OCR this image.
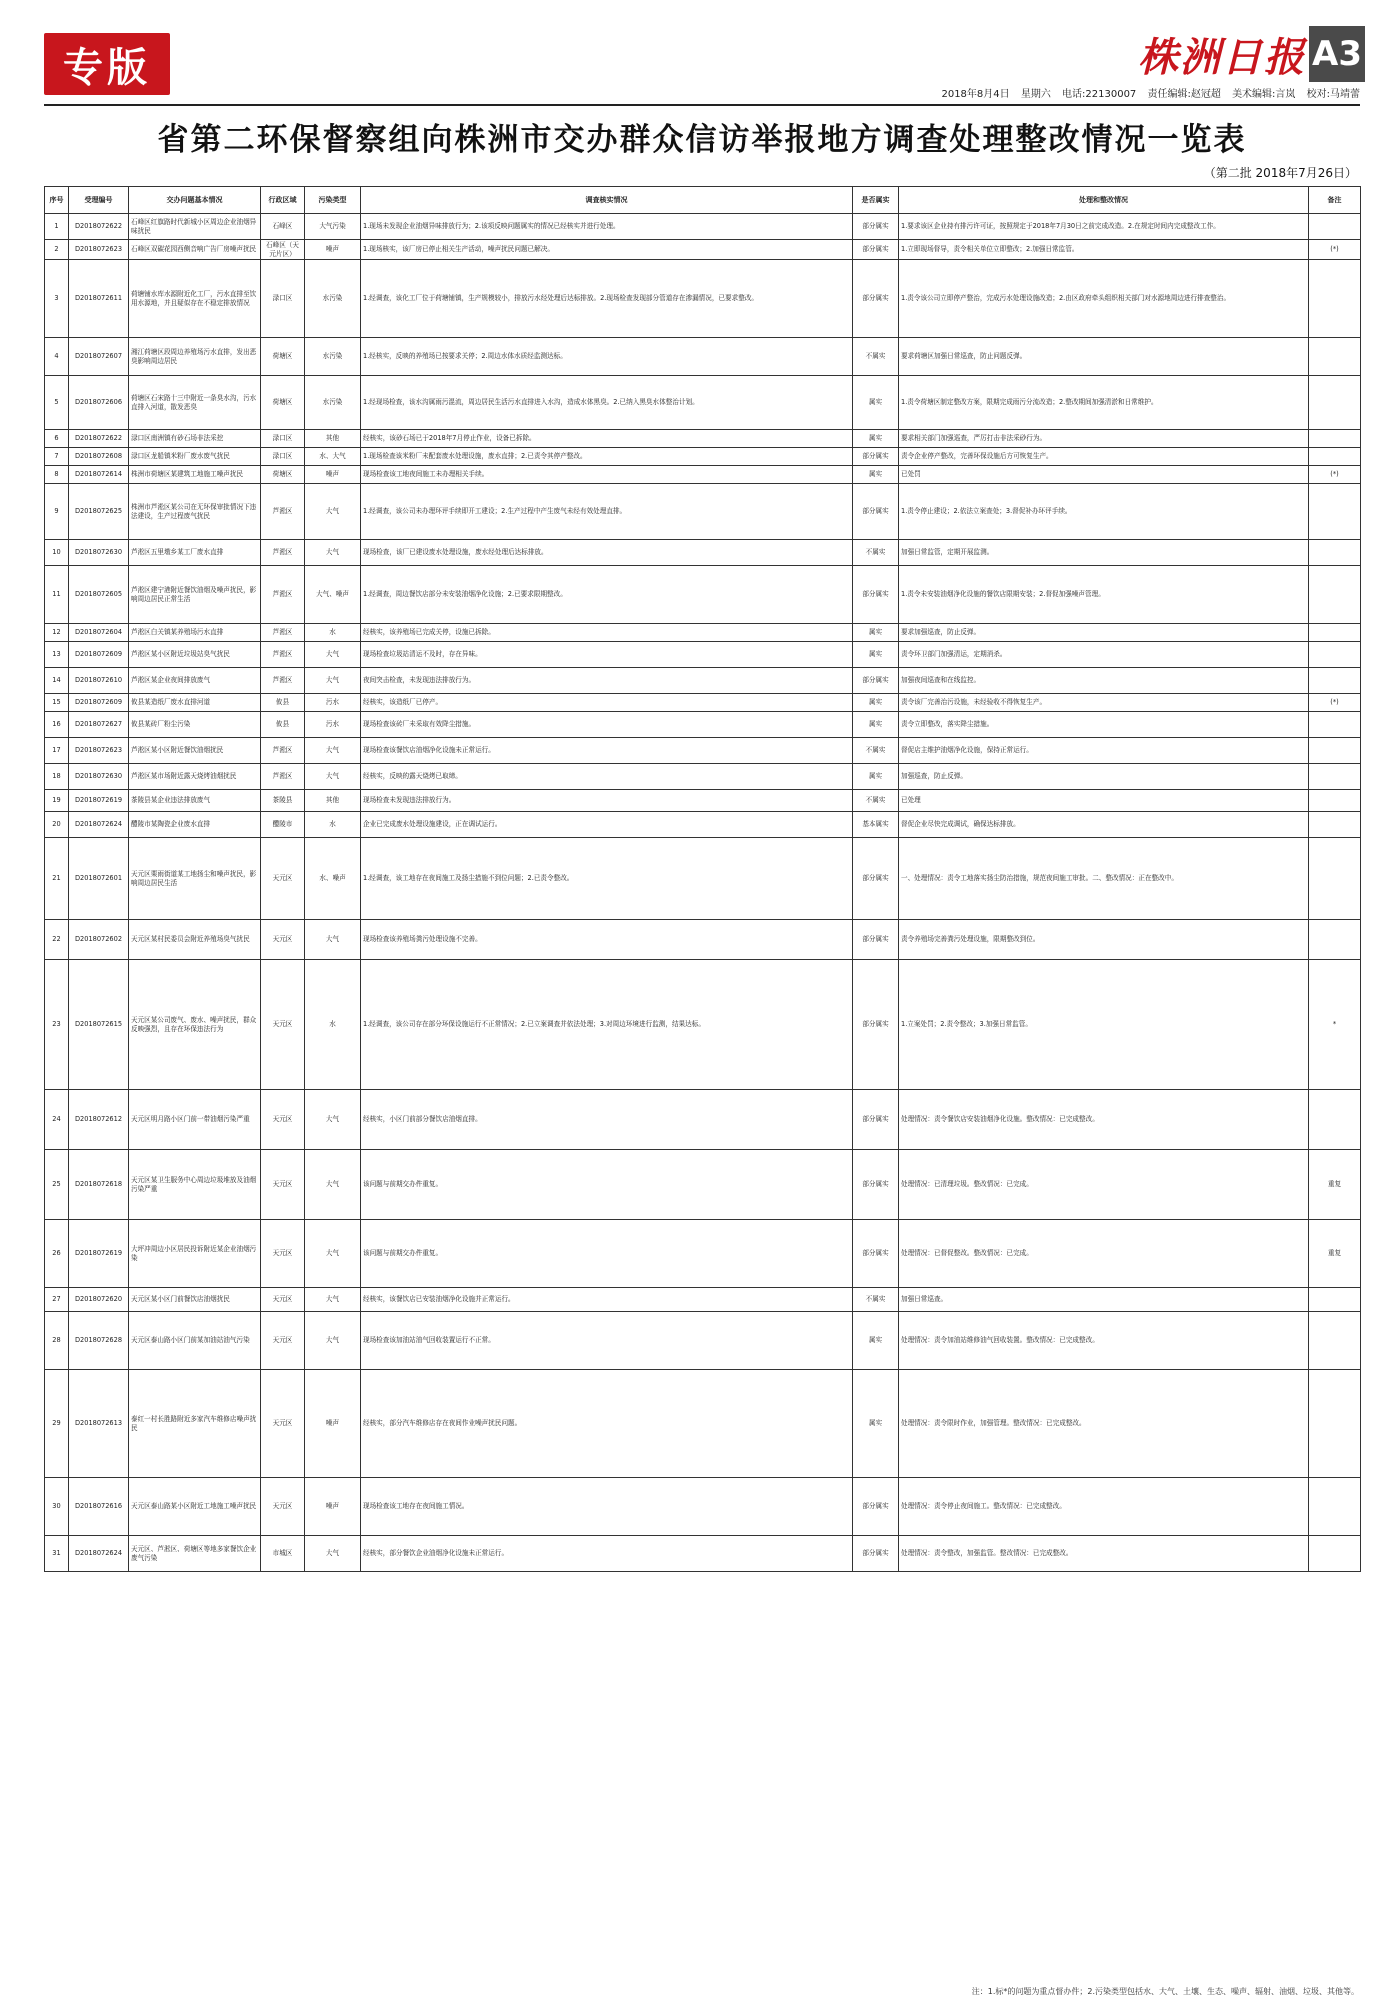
专版	株洲日报 A3
2018年8月4日 星期六 电话:22130007 责任编辑:赵冠超 美术编辑:言岚 校对:马靖蕾
省第二环保督察组向株洲市交办群众信访举报地方调查处理整改情况一览表
（第二批 2018年7月26日）
序号	受理编号	交办问题基本情况	行政区域	污染类型	调查核实情况	是否属实	处理和整改情况	备注
1	D2018072622	石峰区红旗路时代新城小区周边企业油烟异味扰民	石峰区	大气污染	1.现场未发现企业油烟异味排放行为；2.该项反映问题属实的情况已经核实并进行处理。	部分属实	1.要求该区企业持有排污许可证，按照规定于2018年7月30日之前完成改造。2.在规定时间内完成整改工作。	
2	D2018072623	石峰区双碳花园西侧音响广告厂房噪声扰民	石峰区（天元片区）	噪声	1.现场核实，该厂房已停止相关生产活动，噪声扰民问题已解决。	部分属实	1.立即现场督导，责令相关单位立即整改；2.加强日常监管。	(*)
3	D2018072611	荷塘铺水库水源附近化工厂，污水直排至饮用水源地，并且疑似存在不稳定排放情况	渌口区	水污染	1.经调查，该化工厂位于荷塘铺镇，生产规模较小，排放污水经处理后达标排放。2.现场检查发现部分管道存在渗漏情况，已要求整改。	部分属实	1.责令该公司立即停产整治，完成污水处理设施改造；2.由区政府牵头组织相关部门对水源地周边进行排查整治。	
4	D2018072607	湘江荷塘区段周边养殖场污水直排，发出恶臭影响周边居民	荷塘区	水污染	1.经核实，反映的养殖场已按要求关停；2.周边水体水质经监测达标。	不属实	要求荷塘区加强日常巡查，防止问题反弹。	
5	D2018072606	荷塘区石宋路十三中附近一条臭水沟，污水直排入河道，散发恶臭	荷塘区	水污染	1.经现场检查，该水沟属雨污混流，周边居民生活污水直排进入水沟，造成水体黑臭。2.已纳入黑臭水体整治计划。	属实	1.责令荷塘区制定整改方案，限期完成雨污分流改造；2.整改期间加强清淤和日常维护。	
6	D2018072622	渌口区南洲镇有砂石场非法采挖	渌口区	其他	经核实，该砂石场已于2018年7月停止作业，设备已拆除。	属实	要求相关部门加强巡查，严厉打击非法采砂行为。	
7	D2018072608	渌口区龙船镇米粉厂废水废气扰民	渌口区	水、大气	1.现场检查该米粉厂未配套废水处理设施，废水直排；2.已责令其停产整改。	部分属实	责令企业停产整改，完善环保设施后方可恢复生产。	
8	D2018072614	株洲市荷塘区某建筑工地施工噪声扰民	荷塘区	噪声	现场检查该工地夜间施工未办理相关手续。	属实	已处罚	(*)
9	D2018072625	株洲市芦淞区某公司在无环保审批情况下违法建设，生产过程废气扰民	芦淞区	大气	1.经调查，该公司未办理环评手续即开工建设；2.生产过程中产生废气未经有效处理直排。	部分属实	1.责令停止建设；2.依法立案查处；3.督促补办环评手续。	
10	D2018072630	芦淞区五里墩乡某工厂废水直排	芦淞区	大气	现场检查，该厂已建设废水处理设施，废水经处理后达标排放。	不属实	加强日常监管，定期开展监测。	
11	D2018072605	芦淞区建宁港附近餐饮油烟及噪声扰民，影响周边居民正常生活	芦淞区	大气、噪声	1.经调查，周边餐饮店部分未安装油烟净化设施；2.已要求限期整改。	部分属实	1.责令未安装油烟净化设施的餐饮店限期安装；2.督促加强噪声管理。	
12	D2018072604	芦淞区白关镇某养殖场污水直排	芦淞区	水	经核实，该养殖场已完成关停，设施已拆除。	属实	要求加强巡查，防止反弹。	
13	D2018072609	芦淞区某小区附近垃圾站臭气扰民	芦淞区	大气	现场检查垃圾站清运不及时，存在异味。	属实	责令环卫部门加强清运，定期消杀。	
14	D2018072610	芦淞区某企业夜间排放废气	芦淞区	大气	夜间突击检查，未发现违法排放行为。	部分属实	加强夜间巡查和在线监控。	
15	D2018072609	攸县某造纸厂废水直排河道	攸县	污水	经核实，该造纸厂已停产。	属实	责令该厂完善治污设施，未经验收不得恢复生产。	(*)
16	D2018072627	攸县某砖厂粉尘污染	攸县	污水	现场检查该砖厂未采取有效降尘措施。	属实	责令立即整改，落实降尘措施。	
17	D2018072623	芦淞区某小区附近餐饮油烟扰民	芦淞区	大气	现场检查该餐饮店油烟净化设施未正常运行。	不属实	督促店主维护油烟净化设施，保持正常运行。	
18	D2018072630	芦淞区某市场附近露天烧烤油烟扰民	芦淞区	大气	经核实，反映的露天烧烤已取缔。	属实	加强巡查，防止反弹。	
19	D2018072619	茶陵县某企业违法排放废气	茶陵县	其他	现场检查未发现违法排放行为。	不属实	已处理	
20	D2018072624	醴陵市某陶瓷企业废水直排	醴陵市	水	企业已完成废水处理设施建设，正在调试运行。	基本属实	督促企业尽快完成调试，确保达标排放。	
21	D2018072601	天元区栗雨街道某工地扬尘和噪声扰民，影响周边居民生活	天元区	水、噪声	1.经调查，该工地存在夜间施工及扬尘措施不到位问题；2.已责令整改。	部分属实	一、处理情况：责令工地落实扬尘防治措施，规范夜间施工审批。二、整改情况：正在整改中。	
22	D2018072602	天元区某村民委员会附近养殖场臭气扰民	天元区	大气	现场检查该养殖场粪污处理设施不完善。	部分属实	责令养殖场完善粪污处理设施，限期整改到位。	
23	D2018072615	天元区某公司废气、废水、噪声扰民，群众反映强烈，且存在环保违法行为	天元区	水	1.经调查，该公司存在部分环保设施运行不正常情况；2.已立案调查并依法处理；3.对周边环境进行监测，结果达标。	部分属实	1.立案处罚；2.责令整改；3.加强日常监管。	*
24	D2018072612	天元区明月路小区门前一带油烟污染严重	天元区	大气	经核实，小区门前部分餐饮店油烟直排。	部分属实	处理情况：责令餐饮店安装油烟净化设施。整改情况：已完成整改。	
25	D2018072618	天元区某卫生服务中心周边垃圾堆放及油烟污染严重	天元区	大气	该问题与前期交办件重复。	部分属实	处理情况：已清理垃圾。整改情况：已完成。	重复
26	D2018072619	大坪冲周边小区居民投诉附近某企业油烟污染	天元区	大气	该问题与前期交办件重复。	部分属实	处理情况：已督促整改。整改情况：已完成。	重复
27	D2018072620	天元区某小区门前餐饮店油烟扰民	天元区	大气	经核实，该餐饮店已安装油烟净化设施并正常运行。	不属实	加强日常巡查。	
28	D2018072628	天元区泰山路小区门前某加油站油气污染	天元区	大气	现场检查该加油站油气回收装置运行不正常。	属实	处理情况：责令加油站维修油气回收装置。整改情况：已完成整改。	
29	D2018072613	泰红一村长胜路附近多家汽车维修店噪声扰民	天元区	噪声	经核实，部分汽车维修店存在夜间作业噪声扰民问题。	属实	处理情况：责令限时作业，加强管理。整改情况：已完成整改。	
30	D2018072616	天元区泰山路某小区附近工地施工噪声扰民	天元区	噪声	现场检查该工地存在夜间施工情况。	部分属实	处理情况：责令停止夜间施工。整改情况：已完成整改。	
31	D2018072624	天元区、芦淞区、荷塘区等地多家餐饮企业废气污染	市城区	大气	经核实，部分餐饮企业油烟净化设施未正常运行。	部分属实	处理情况：责令整改，加强监管。整改情况：已完成整改。	
注：1.标*的问题为重点督办件；2.污染类型包括水、大气、土壤、生态、噪声、辐射、油烟、垃圾、其他等。
